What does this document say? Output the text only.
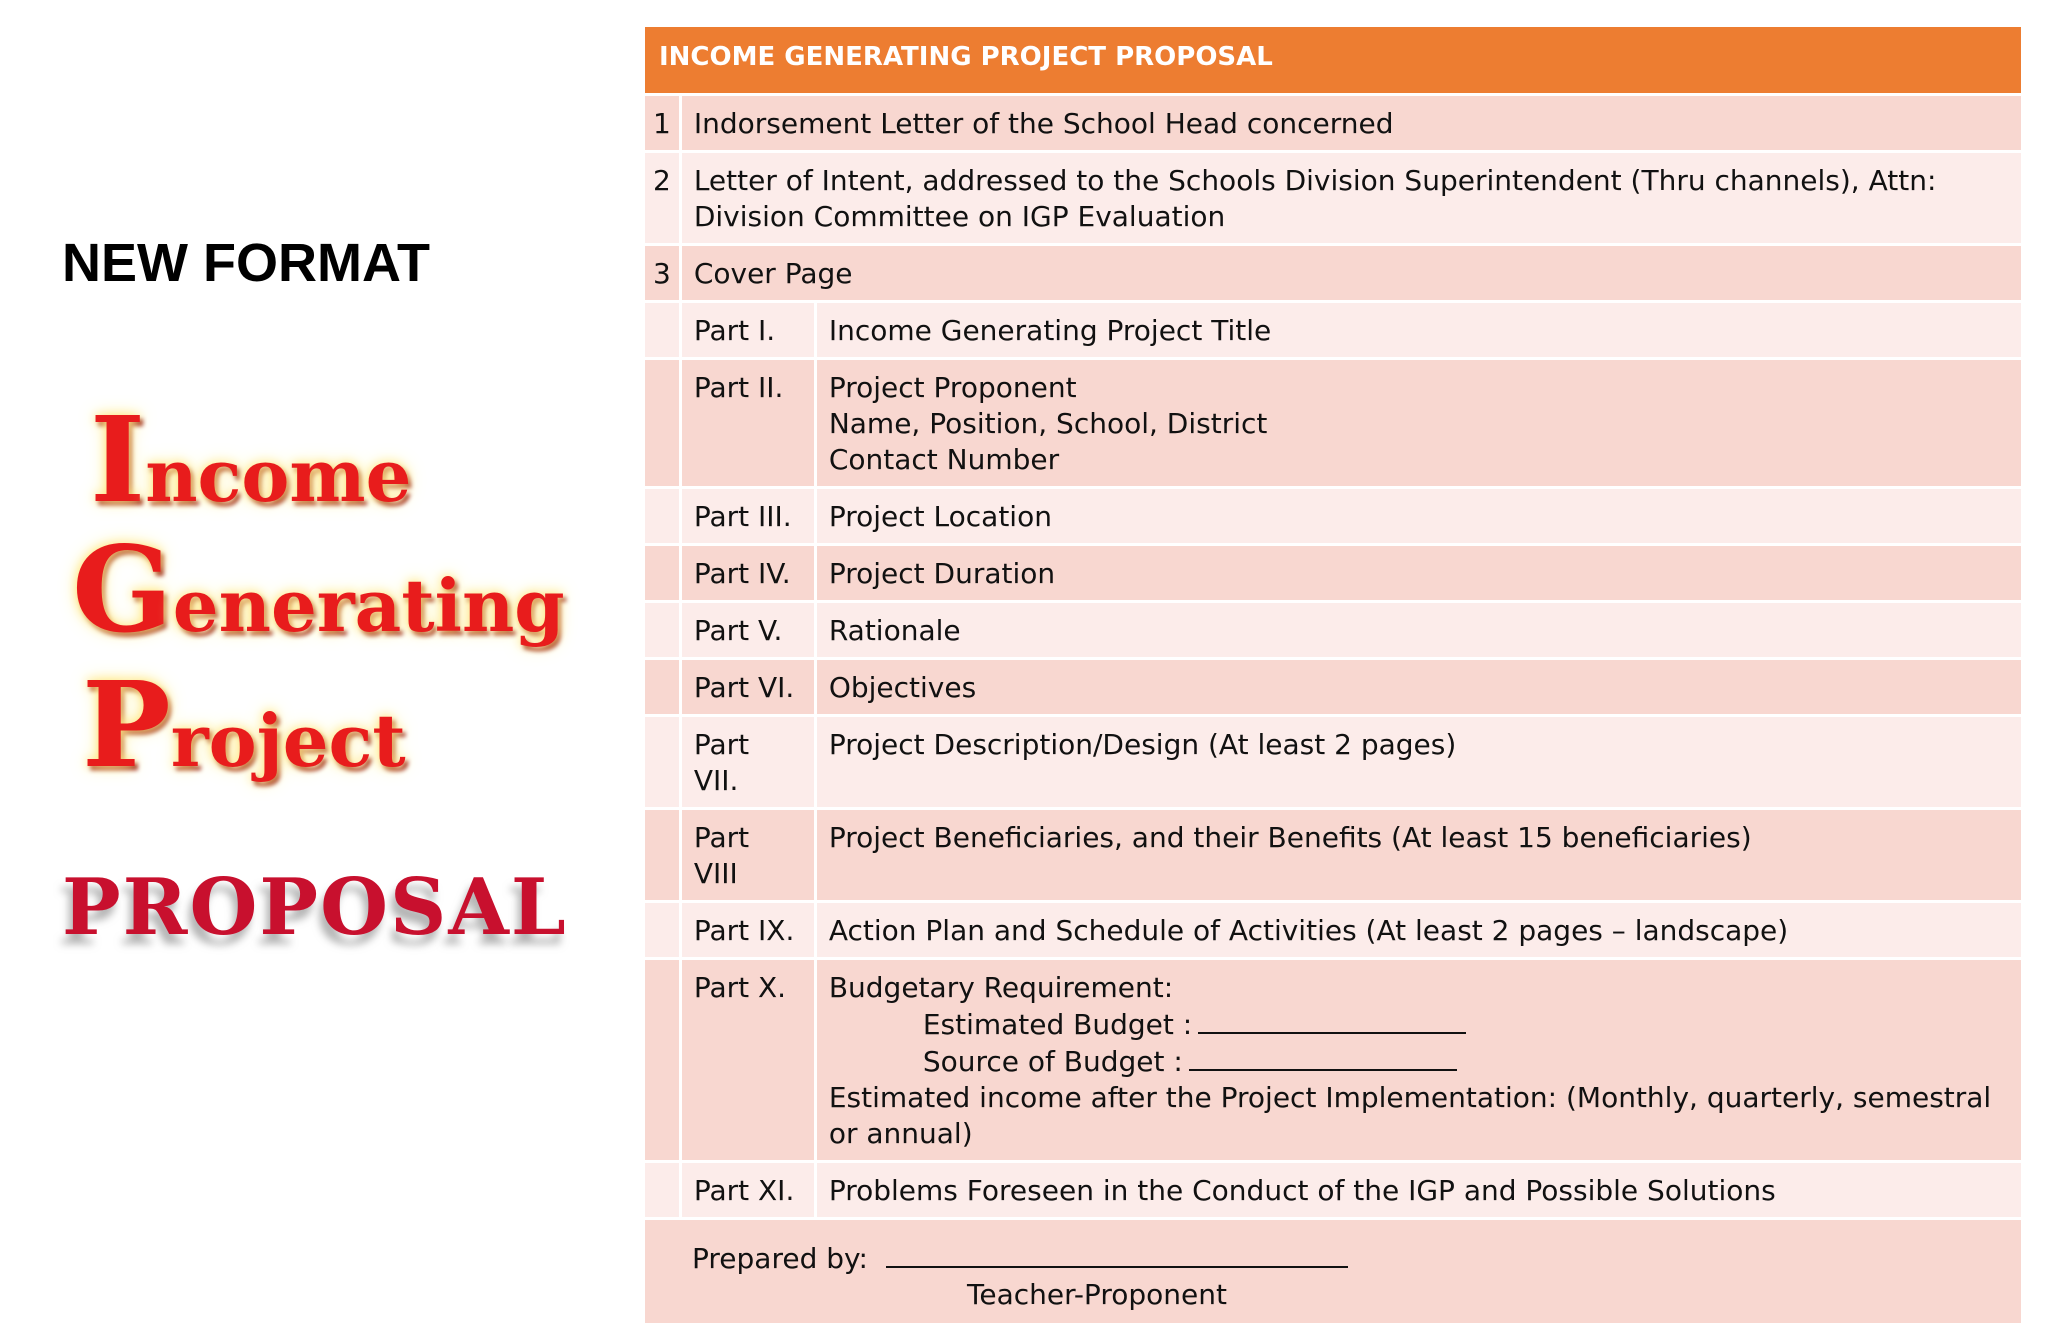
NEW FORMAT
Income
Generating
Project
PROPOSAL
INCOME GENERATING PROJECT PROPOSAL		
1	Indorsement Letter of the School Head concerned	
2	Letter of Intent, addressed to the Schools Division Superintendent (Thru channels), Attn: Division Committee on IGP Evaluation	
3	Cover Page	
	Part I.	Income Generating Project Title
	Part II.	Project Proponent
Name, Position, School, District
Contact Number

	Part III.	Project Location
	Part IV.	Project Duration
	Part V.	Rationale
	Part VI.	Objectives
	Part VII.	Project Description/Design (At least 2 pages)
	Part VIII	Project Beneficiaries, and their Benefits (At least 15 beneficiaries)
	Part IX.	Action Plan and Schedule of Activities (At least 2 pages – landscape)
	Part X.	Budgetary Requirement:
Estimated Budget :
Source of Budget :
Estimated income after the Project Implementation: (Monthly, quarterly, semestral or annual)

	Part XI.	Problems Foreseen in the Conduct of the IGP and Possible Solutions

Prepared by:
Teacher-Proponent		
